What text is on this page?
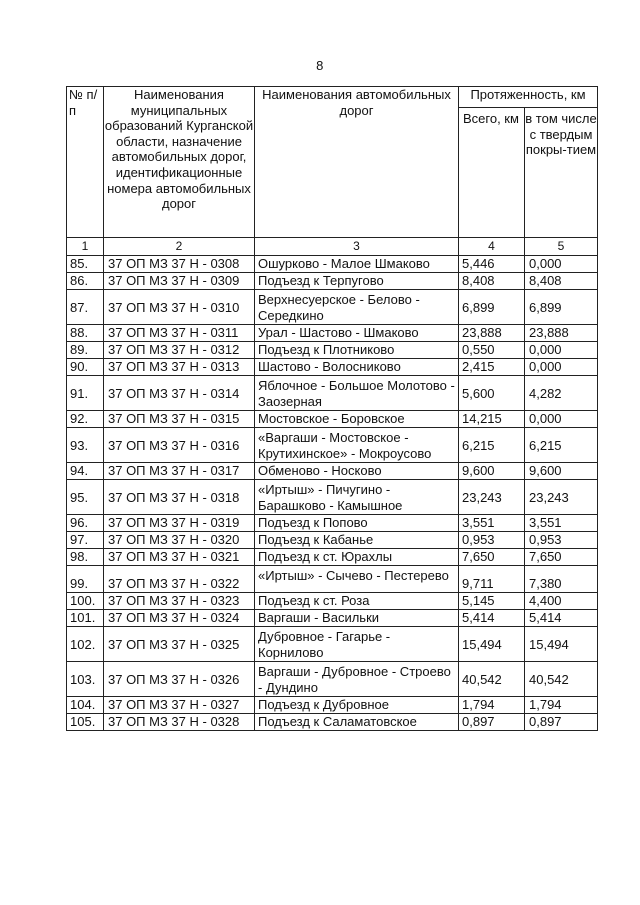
8
№ п/п	Наименования муниципальных образований Курганской области, назначение автомобильных дорог, идентификационные номера автомобильных дорог	Наименования автомобильных дорог	Протяженность, км	
			Всего, км	в том числе с твердым покры-тием
1	2	3	4	5
85.	37 ОП МЗ 37 Н - 0308	Ошурково - Малое Шмаково	5,446	0,000
86.	37 ОП МЗ 37 Н - 0309	Подъезд к Терпугово	8,408	8,408
87.	37 ОП МЗ 37 Н - 0310	Верхнесуерское - Белово - Середкино	6,899	6,899
88.	37 ОП МЗ 37 Н - 0311	Урал - Шастово - Шмаково	23,888	23,888
89.	37 ОП МЗ 37 Н - 0312	Подъезд к Плотниково	0,550	0,000
90.	37 ОП МЗ 37 Н - 0313	Шастово - Волосниково	2,415	0,000
91.	37 ОП МЗ 37 Н - 0314	Яблочное - Большое Молотово - Заозерная	5,600	4,282
92.	37 ОП МЗ 37 Н - 0315	Мостовское - Боровское	14,215	0,000
93.	37 ОП МЗ 37 Н - 0316	«Варгаши - Мостовское - Крутихинское» - Мокроусово	6,215	6,215
94.	37 ОП МЗ 37 Н - 0317	Обменово - Носково	9,600	9,600
95.	37 ОП МЗ 37 Н - 0318	«Иртыш» - Пичугино - Барашково - Камышное	23,243	23,243
96.	37 ОП МЗ 37 Н - 0319	Подъезд к Попово	3,551	3,551
97.	37 ОП МЗ 37 Н - 0320	Подъезд к Кабанье	0,953	0,953
98.	37 ОП МЗ 37 Н - 0321	Подъезд к ст. Юрахлы	7,650	7,650
99.	37 ОП МЗ 37 Н - 0322	«Иртыш» - Сычево - Пестерево	9,711	7,380
100.	37 ОП МЗ 37 Н - 0323	Подъезд к ст. Роза	5,145	4,400
101.	37 ОП МЗ 37 Н - 0324	Варгаши - Васильки	5,414	5,414
102.	37 ОП МЗ 37 Н - 0325	Дубровное - Гагарье - Корнилово	15,494	15,494
103.	37 ОП МЗ 37 Н - 0326	Варгаши - Дубровное - Строево - Дундино	40,542	40,542
104.	37 ОП МЗ 37 Н - 0327	Подъезд к Дубровное	1,794	1,794
105.	37 ОП МЗ 37 Н - 0328	Подъезд к Саламатовское	0,897	0,897
